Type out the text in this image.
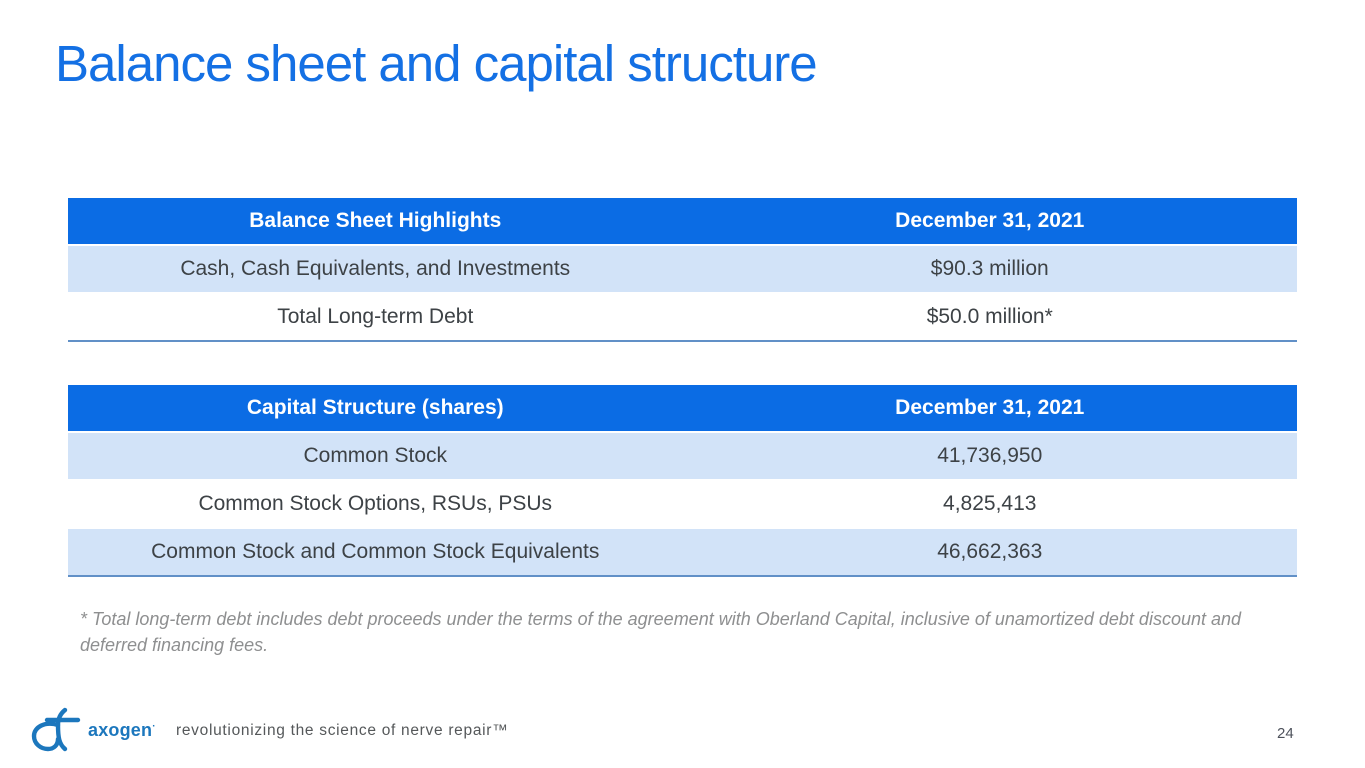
Balance sheet and capital structure
Balance Sheet Highlights	December 31, 2021
Cash, Cash Equivalents, and Investments	$90.3 million
Total Long-term Debt	$50.0 million*
Capital Structure (shares)	December 31, 2021
Common Stock	41,736,950
Common Stock Options, RSUs, PSUs	4,825,413
Common Stock and Common Stock Equivalents	46,662,363

* Total long-term debt includes debt proceeds under the terms of the agreement with Oberland Capital, inclusive of unamortized debt discount and deferred financing fees.

axogen· revolutionizing the science of nerve repair™	24
